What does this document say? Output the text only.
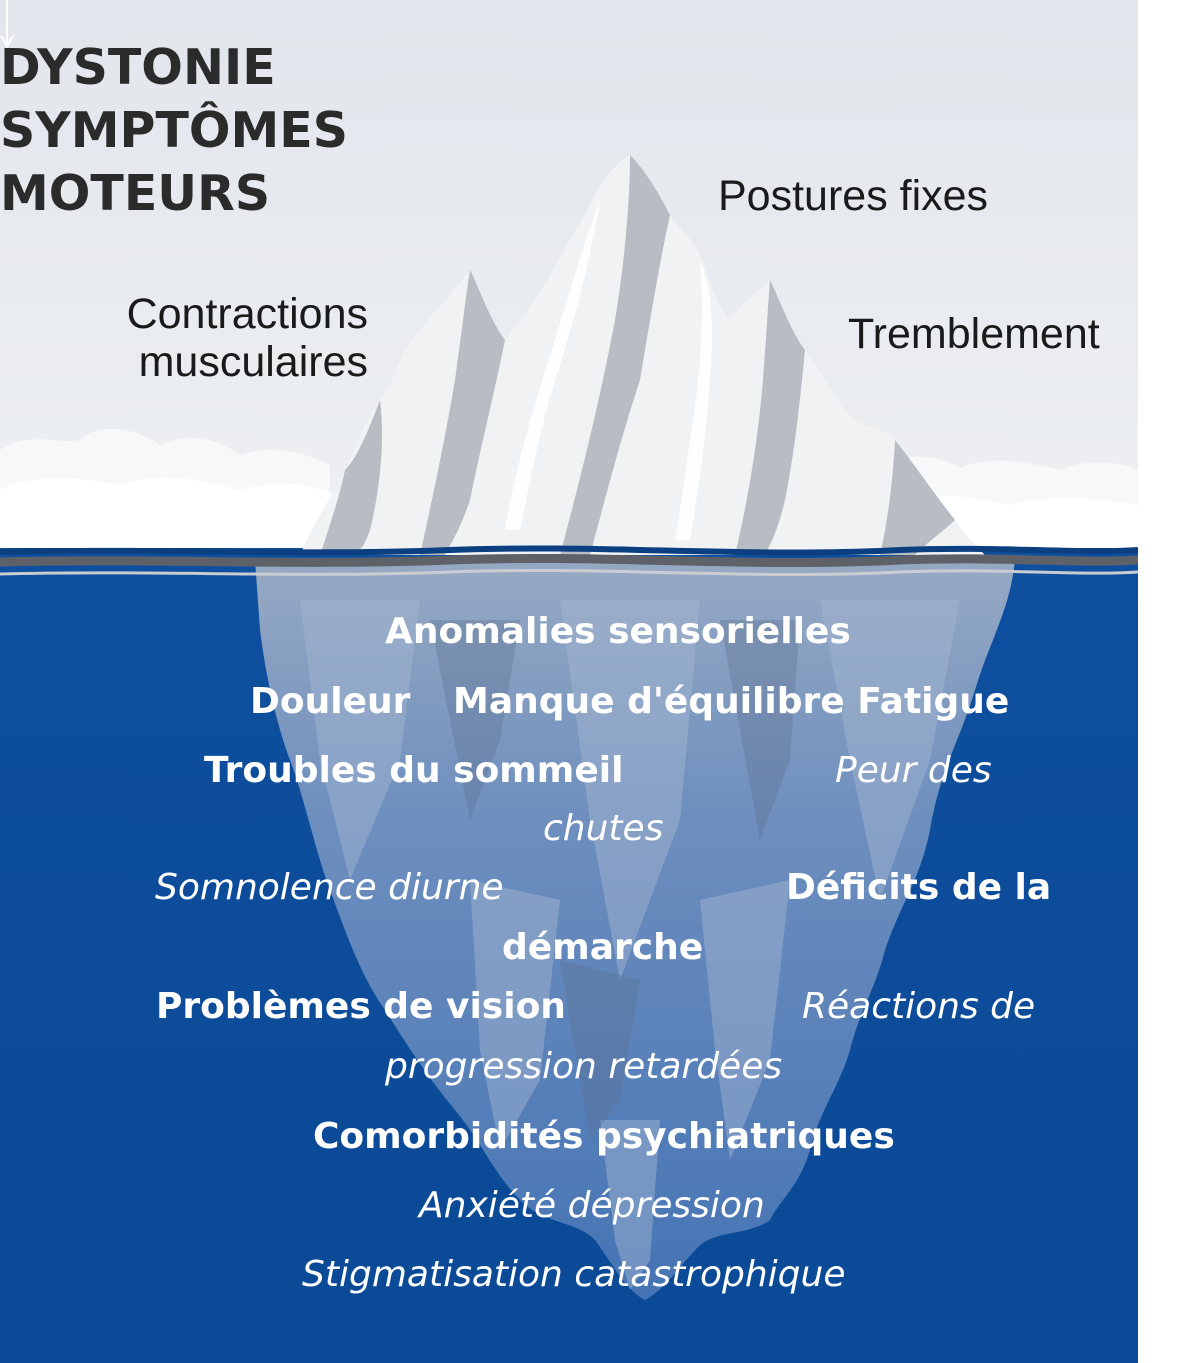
DYSTONIE
SYMPTÔMES
MOTEURS	Postures fixes
Contractions
musculaires
Tremblement
Anomalies sensorielles
Douleur Manque d'équilibre Fatigue
Troubles du sommeil	Peur des
chutes
Somnolence diurne	Déficits de la
démarche
Problèmes de vision	Réactions de
progression retardées
Comorbidités psychiatriques
Anxiété dépression
Stigmatisation catastrophique
